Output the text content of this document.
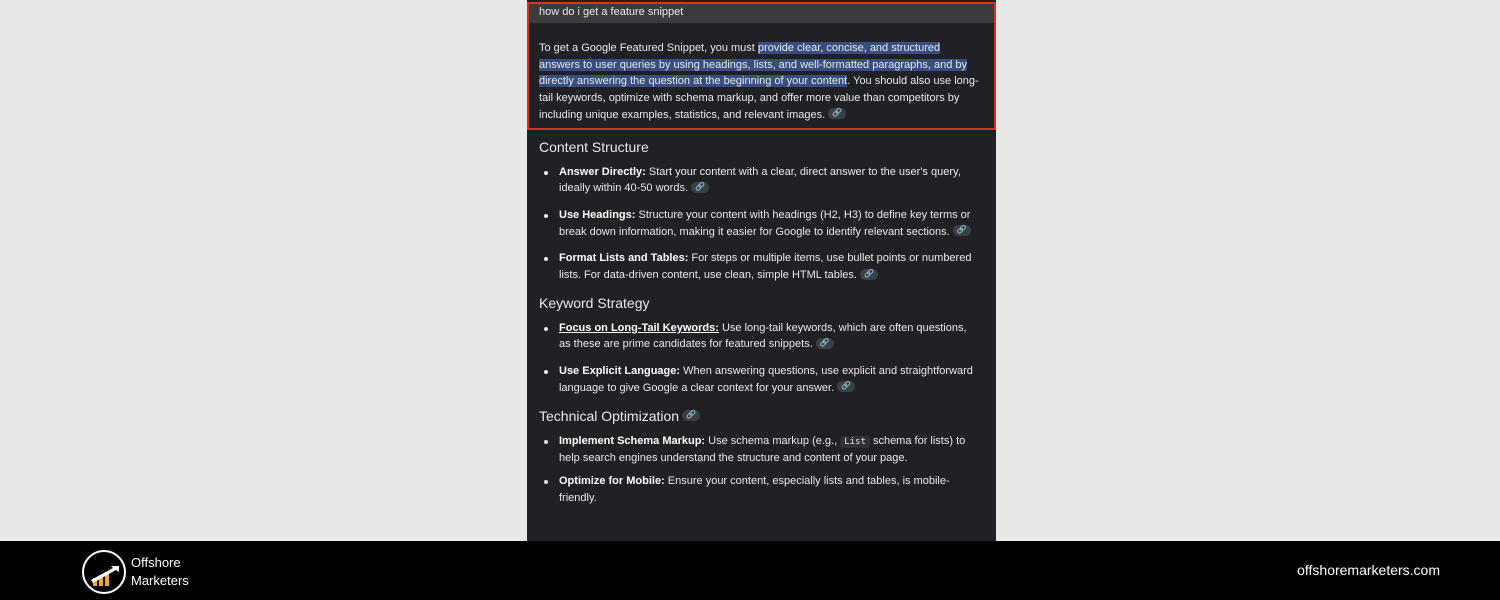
how do i get a feature snippet

To get a Google Featured Snippet, you must provide clear, concise, and structured answers to user queries by using headings, lists, and well-formatted paragraphs, and by directly answering the question at the beginning of your content. You should also use long-tail keywords, optimize with schema markup, and offer more value than competitors by including unique examples, statistics, and relevant images. 🔗

Content Structure
Answer Directly: Start your content with a clear, direct answer to the user's query, ideally within 40-50 words. 🔗
Use Headings: Structure your content with headings (H2, H3) to define key terms or break down information, making it easier for Google to identify relevant sections. 🔗
Format Lists and Tables: For steps or multiple items, use bullet points or numbered lists. For data-driven content, use clean, simple HTML tables. 🔗
Keyword Strategy
Focus on Long-Tail Keywords: Use long-tail keywords, which are often questions, as these are prime candidates for featured snippets. 🔗
Use Explicit Language: When answering questions, use explicit and straightforward language to give Google a clear context for your answer. 🔗
Technical Optimization 🔗
Implement Schema Markup: Use schema markup (e.g., List schema for lists) to help search engines understand the structure and content of your page.
Optimize for Mobile: Ensure your content, especially lists and tables, is mobile-friendly.
Offshore
Marketers
offshoremarketers.com
